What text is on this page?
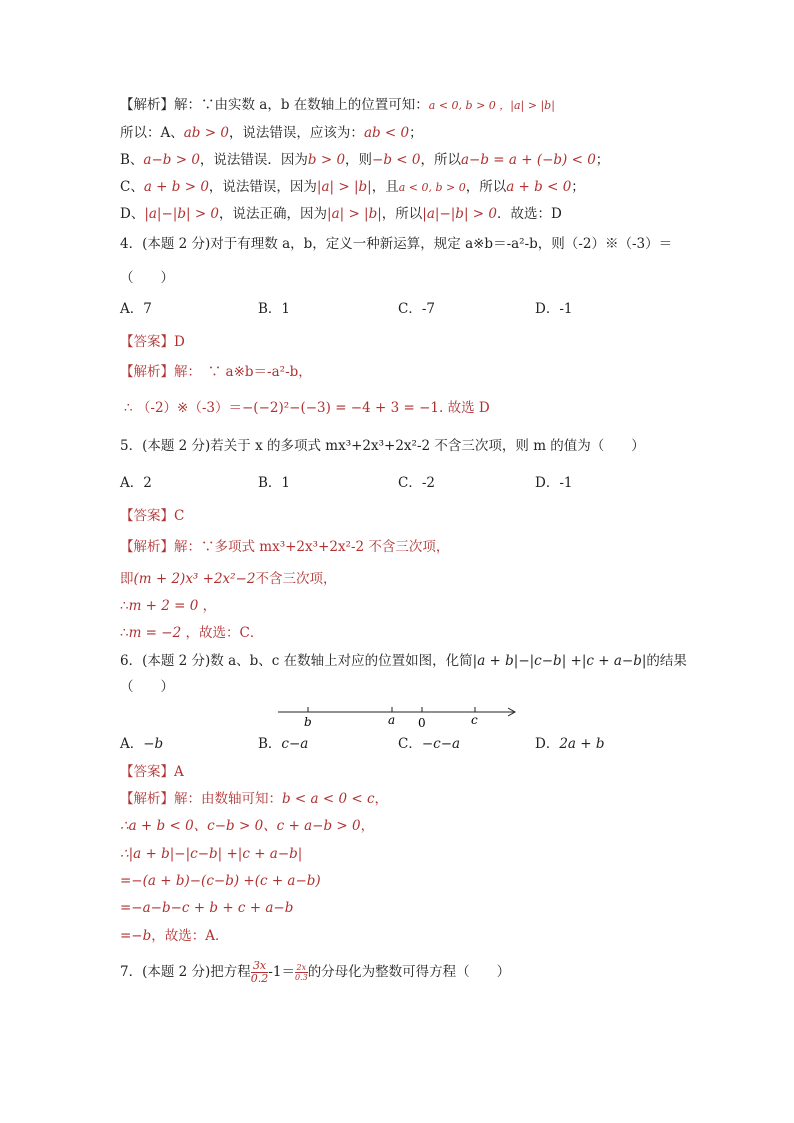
【解析】解：∵由实数 a，b 在数轴上的位置可知：a < 0, b > 0 ，|a| > |b|
所以：A、ab > 0，说法错误，应该为：ab < 0；
B、a−b > 0，说法错误．因为b > 0，则−b < 0，所以a−b = a + (−b) < 0；
C、a + b > 0，说法错误，因为|a| > |b|，且a < 0, b > 0，所以a + b < 0；
D、|a|−|b| > 0，说法正确，因为|a| > |b|，所以|a|−|b| > 0．故选：D
4．(本题 2 分)对于有理数 a，b，定义一种新运算，规定 a※b＝-a²-b，则（-2）※（-3）＝
（　　）
A．7	B．1	C．-7	D．-1
【答案】D
【解析】解：　∵ a※b＝-a²-b，
∴ （-2）※（-3）＝−(−2)²−(−3) = −4 + 3 = −1. 故选 D
5．(本题 2 分)若关于 x 的多项式 mx³+2x³+2x²-2 不含三次项，则 m 的值为（　　）
A．2	B．1	C．-2	D．-1
【答案】C
【解析】解：∵多项式 mx³+2x³+2x²-2 不含三次项，
即(m + 2)x³ +2x²−2不含三次项，
∴m + 2 = 0 ，
∴m = −2 ，故选：C．
6．(本题 2 分)数 a、b、c 在数轴上对应的位置如图，化简|a + b|−|c−b| +|c + a−b|的结果
（　　）
b	a 0	c
A．−b	B．c−a	C．−c−a	D．2a + b
【答案】A
【解析】解：由数轴可知：b < a < 0 < c，
∴a + b < 0、c−b > 0、c + a−b > 0，
∴|a + b|−|c−b| +|c + a−b|
=−(a + b)−(c−b) +(c + a−b)
=−a−b−c + b + c + a−b
=−b，故选：A．
7．(本题 2 分)把方程 $\frac{3x}{0.2} -1= \frac{2x}{0.3}$ 的分母化为整数可得方程（　　）
